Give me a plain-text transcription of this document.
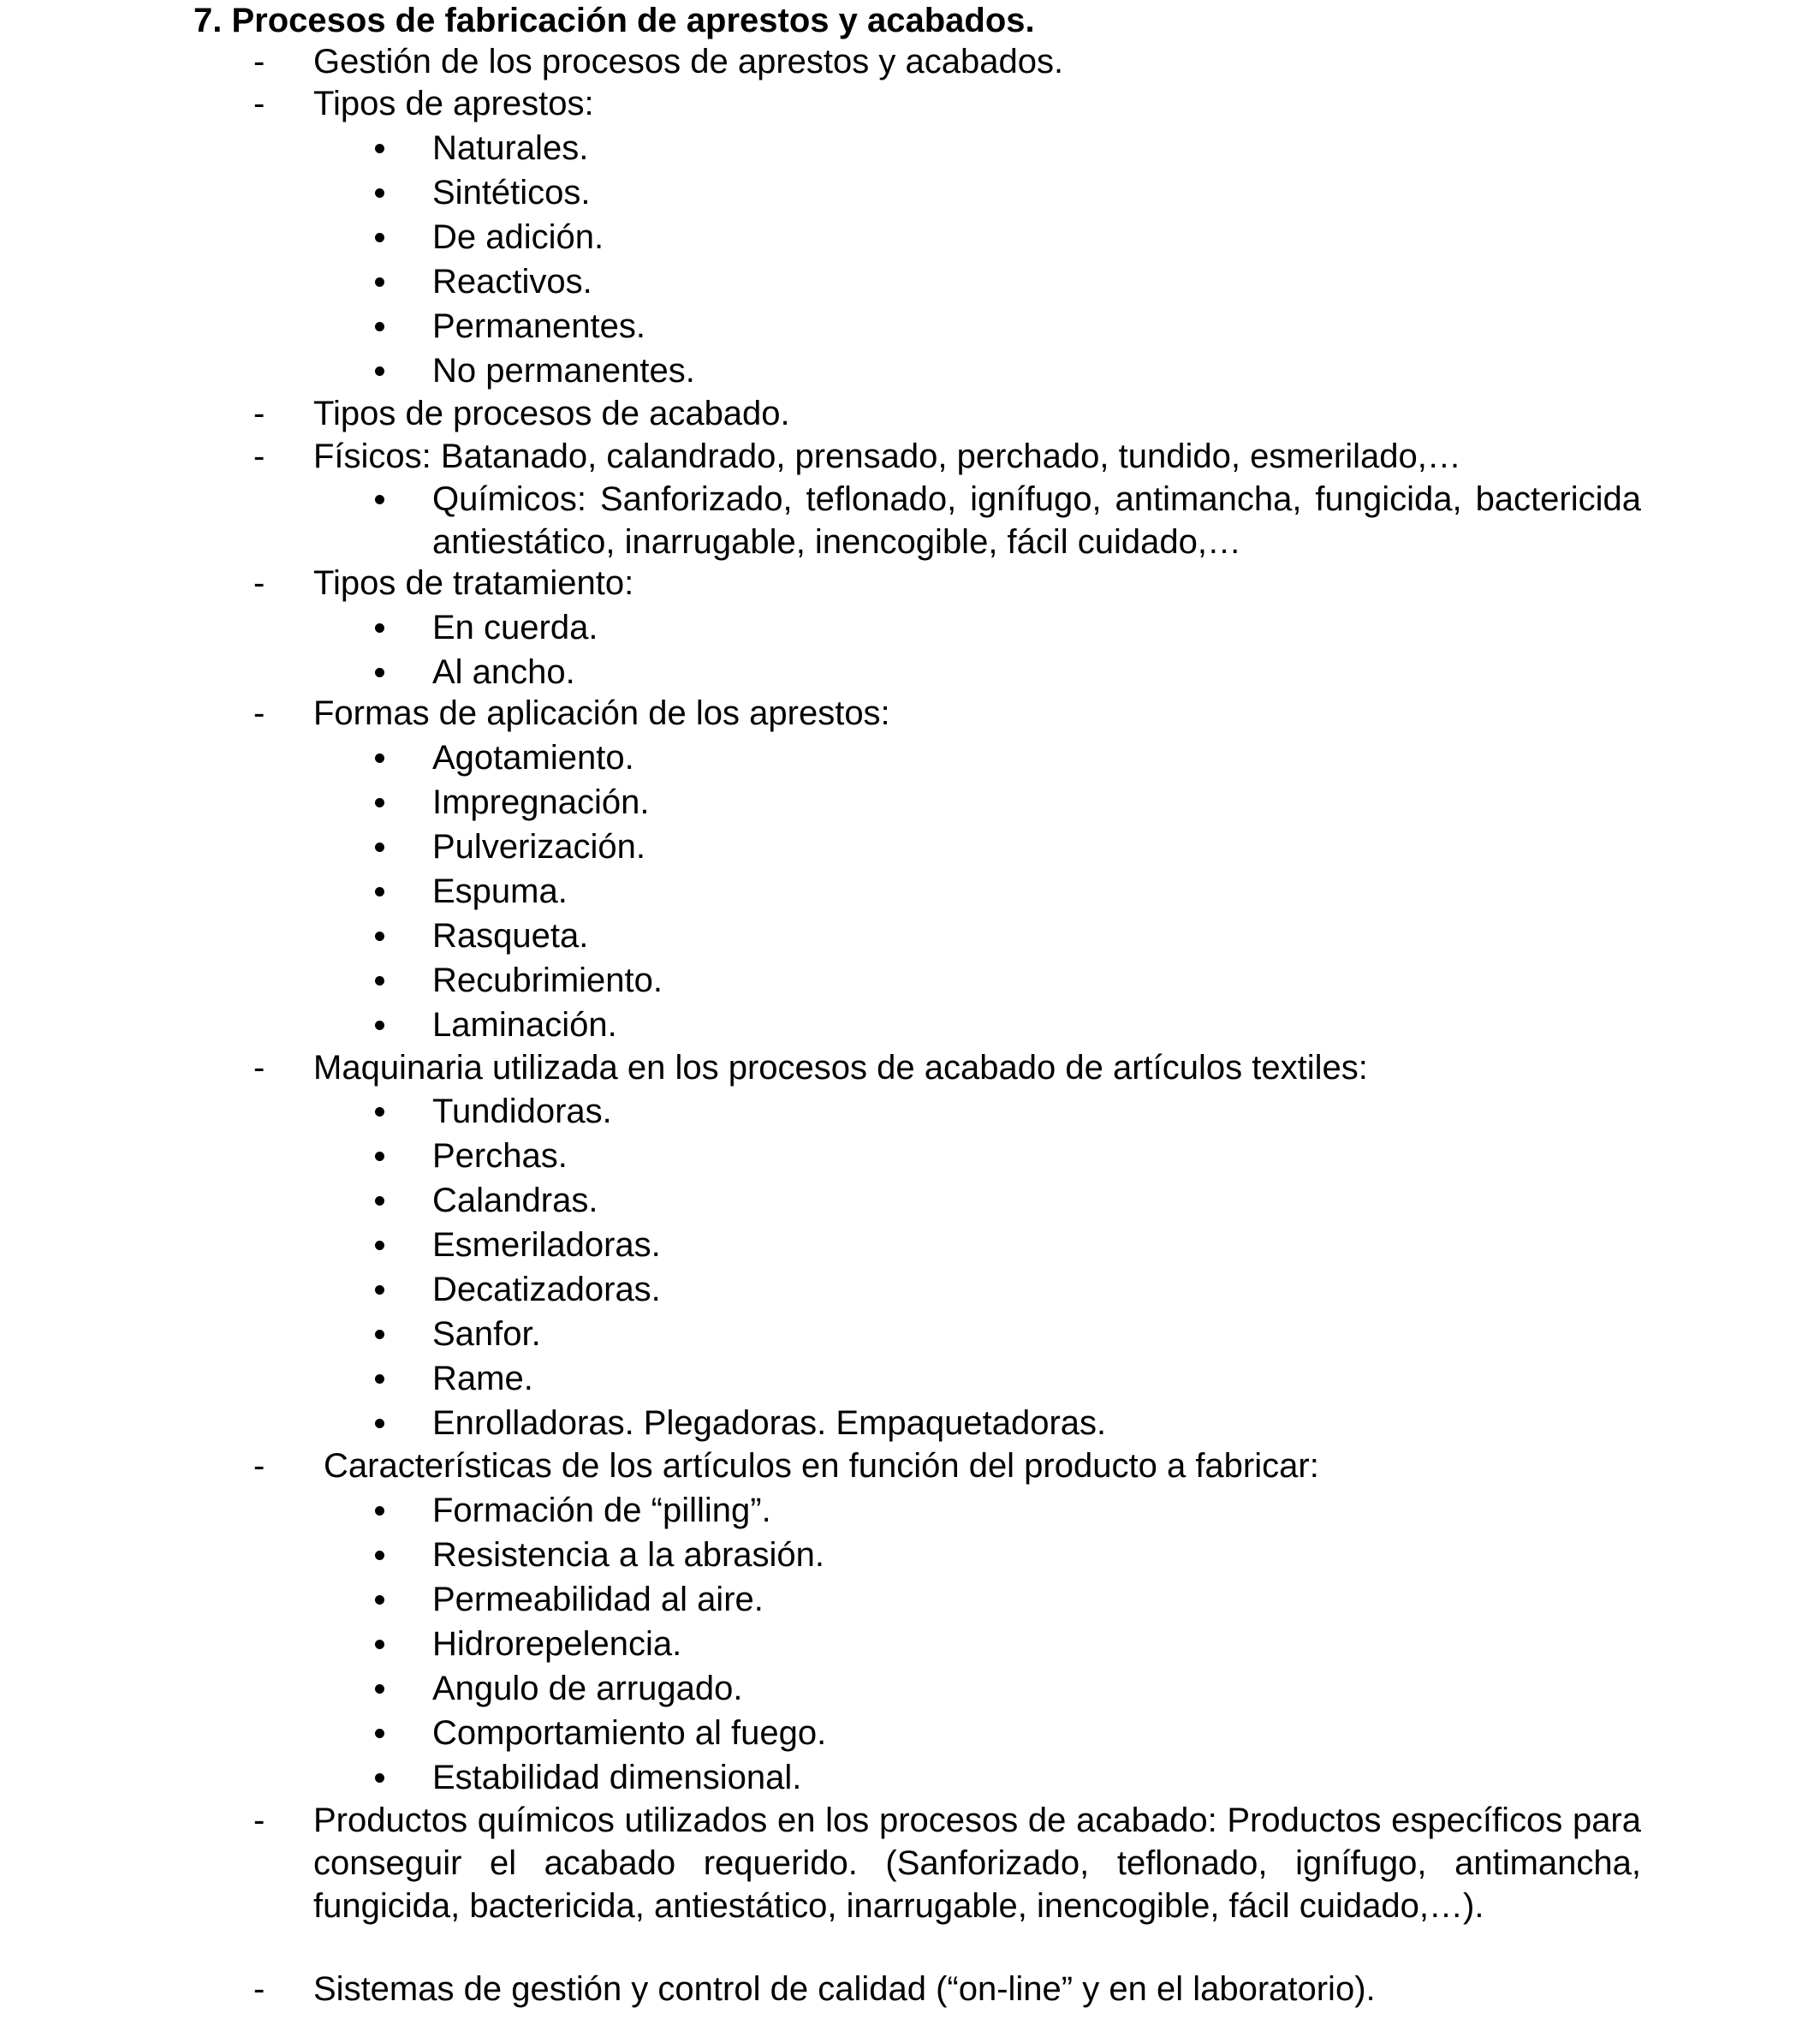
7. Procesos de fabricación de aprestos y acabados.
-	Gestión de los procesos de aprestos y acabados.
-	Tipos de aprestos:
Naturales.
Sintéticos.
De adición.
Reactivos.
Permanentes.
No permanentes.
-	Tipos de procesos de acabado.
-	Físicos: Batanado, calandrado, prensado, perchado, tundido, esmerilado,…
Químicos: Sanforizado, teflonado, ignífugo, antimancha, fungicida, bactericida antiestático, inarrugable, inencogible, fácil cuidado,…
-	Tipos de tratamiento:
En cuerda.
Al ancho.
-	Formas de aplicación de los aprestos:
Agotamiento.
Impregnación.
Pulverización.
Espuma.
Rasqueta.
Recubrimiento.
Laminación.
-	Maquinaria utilizada en los procesos de acabado de artículos textiles:
Tundidoras.
Perchas.
Calandras.
Esmeriladoras.
Decatizadoras.
Sanfor.
Rame.
Enrolladoras. Plegadoras. Empaquetadoras.
-	Características de los artículos en función del producto a fabricar:
Formación de “pilling”.
Resistencia a la abrasión.
Permeabilidad al aire.
Hidrorepelencia.
Angulo de arrugado.
Comportamiento al fuego.
Estabilidad dimensional.
-	Productos químicos utilizados en los procesos de acabado: Productos específicos para conseguir el acabado requerido. (Sanforizado, teflonado, ignífugo, antimancha, fungicida, bactericida, antiestático, inarrugable, inencogible, fácil cuidado,…).
-	Sistemas de gestión y control de calidad (“on-line” y en el laboratorio).
